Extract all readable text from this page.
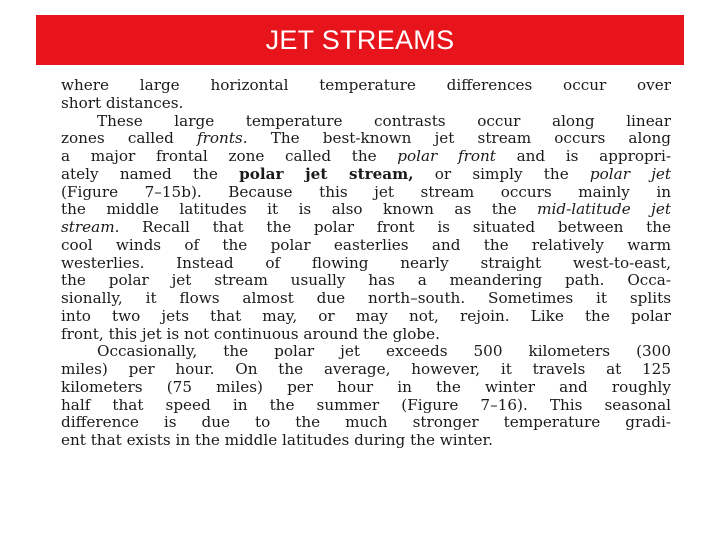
JET STREAMS
where large horizontal temperature differences occur over
short distances.
These large temperature contrasts occur along linear
zones called fronts. The best-known jet stream occurs along
a major frontal zone called the polar front and is appropri-
ately named the polar jet stream, or simply the polar jet
(Figure 7–15b). Because this jet stream occurs mainly in
the middle latitudes it is also known as the mid-latitude jet
stream. Recall that the polar front is situated between the
cool winds of the polar easterlies and the relatively warm
westerlies. Instead of flowing nearly straight west-to-east,
the polar jet stream usually has a meandering path. Occa-
sionally, it flows almost due north–south. Sometimes it splits
into two jets that may, or may not, rejoin. Like the polar
front, this jet is not continuous around the globe.
Occasionally, the polar jet exceeds 500 kilometers (300
miles) per hour. On the average, however, it travels at 125
kilometers (75 miles) per hour in the winter and roughly
half that speed in the summer (Figure 7–16). This seasonal
difference is due to the much stronger temperature gradi-
ent that exists in the middle latitudes during the winter.
